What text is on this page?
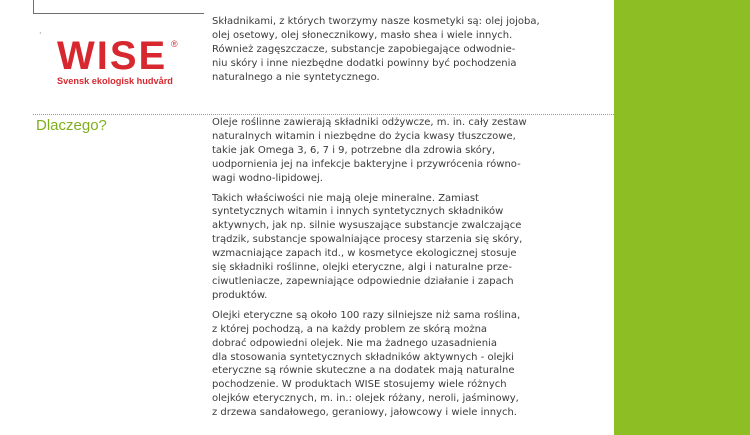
·
WISE ®
Svensk ekologisk hudvård
Składnikami, z których tworzymy nasze kosmetyki są: olej jojoba,
olej osetowy, olej słonecznikowy, masło shea i wiele innych.
Również zagęszczacze, substancje zapobiegające odwodnie-
niu skóry i inne niezbędne dodatki powinny być pochodzenia
naturalnego a nie syntetycznego.
Dlaczego?	Oleje roślinne zawierają składniki odżywcze, m. in. cały zestaw
naturalnych witamin i niezbędne do życia kwasy tłuszczowe,
takie jak Omega 3, 6, 7 i 9, potrzebne dla zdrowia skóry,
uodpornienia jej na infekcje bakteryjne i przywrócenia równo-
wagi wodno-lipidowej.
Takich właściwości nie mają oleje mineralne. Zamiast
syntetycznych witamin i innych syntetycznych składników
aktywnych, jak np. silnie wysuszające substancje zwalczające
trądzik, substancje spowalniające procesy starzenia się skóry,
wzmacniające zapach itd., w kosmetyce ekologicznej stosuje
się składniki roślinne, olejki eteryczne, algi i naturalne prze-
ciwutleniacze, zapewniające odpowiednie działanie i zapach
produktów.
Olejki eteryczne są około 100 razy silniejsze niż sama roślina,
z której pochodzą, a na każdy problem ze skórą można
dobrać odpowiedni olejek. Nie ma żadnego uzasadnienia
dla stosowania syntetycznych składników aktywnych - olejki
eteryczne są równie skuteczne a na dodatek mają naturalne
pochodzenie. W produktach WISE stosujemy wiele różnych
olejków eterycznych, m. in.: olejek różany, neroli, jaśminowy,
z drzewa sandałowego, geraniowy, jałowcowy i wiele innych.
